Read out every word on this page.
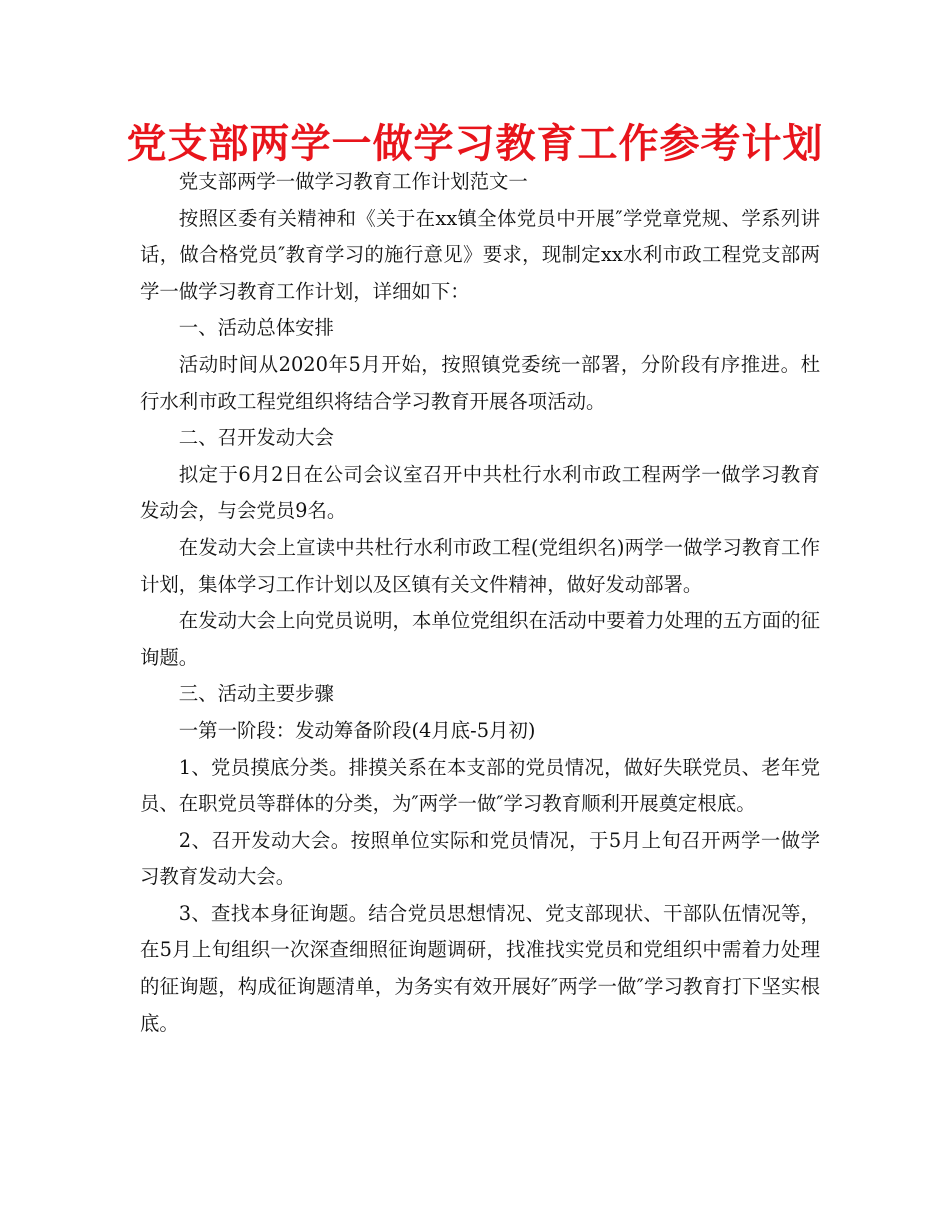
党支部两学一做学习教育工作参考计划

党支部两学一做学习教育工作计划范文一

按照区委有关精神和《关于在xx镇全体党员中开展″学党章党规、学系列讲话，做合格党员″教育学习的施行意见》要求，现制定xx水利市政工程党支部两学一做学习教育工作计划，详细如下：

一、活动总体安排

活动时间从2020年5月开始，按照镇党委统一部署，分阶段有序推进。杜行水利市政工程党组织将结合学习教育开展各项活动。

二、召开发动大会

拟定于6月2日在公司会议室召开中共杜行水利市政工程两学一做学习教育发动会，与会党员9名。

在发动大会上宣读中共杜行水利市政工程(党组织名)两学一做学习教育工作计划，集体学习工作计划以及区镇有关文件精神，做好发动部署。

在发动大会上向党员说明，本单位党组织在活动中要着力处理的五方面的征询题。

三、活动主要步骤

一第一阶段：发动筹备阶段(4月底-5月初)

1、党员摸底分类。排摸关系在本支部的党员情况，做好失联党员、老年党员、在职党员等群体的分类，为″两学一做″学习教育顺利开展奠定根底。

2、召开发动大会。按照单位实际和党员情况，于5月上旬召开两学一做学习教育发动大会。

3、查找本身征询题。结合党员思想情况、党支部现状、干部队伍情况等，在5月上旬组织一次深查细照征询题调研，找准找实党员和党组织中需着力处理的征询题，构成征询题清单，为务实有效开展好″两学一做″学习教育打下坚实根底。
